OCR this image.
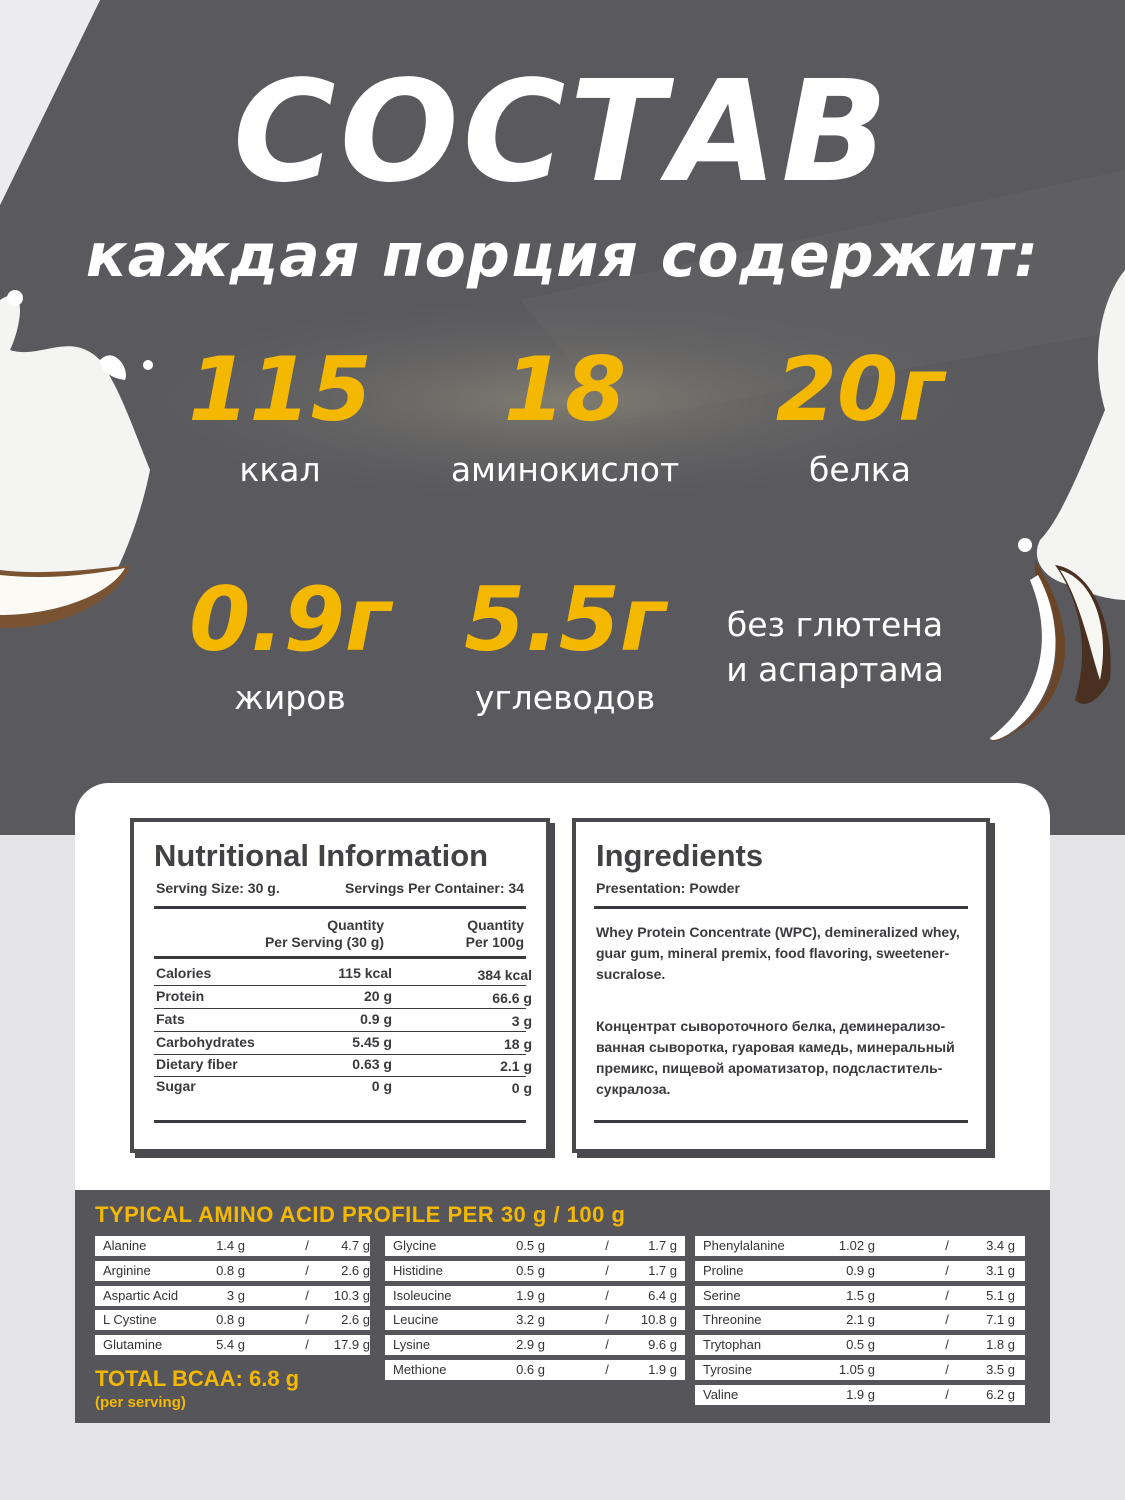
СОСТАВ
каждая порция содержит:
115
ккал
18
аминокислот
20г
белка
0.9г
жиров
5.5г
углеводов
без глютена
и аспартама
Nutritional Information
Serving Size: 30 g.	Servings Per Container: 34
Quantity
Per Serving (30 g)
Quantity
Per 100g
Calories	115 kcal	384 kcal
Protein	20 g	66.6 g
Fats	0.9 g	3 g
Carbohydrates	5.45 g	18 g
Dietary fiber	0.63 g	2.1 g
Sugar	0 g	0 g
Ingredients
Presentation: Powder
Whey Protein Concentrate (WPC), demineralized whey,
guar gum, mineral premix, food flavoring, sweetener-
sucralose.
Концентрат сывороточного белка, деминерализо-
ванная сыворотка, гуаровая камедь, минеральный
премикс, пищевой ароматизатор, подсластитель-
сукралоза.
TYPICAL AMINO ACID PROFILE PER 30 g / 100 g
Alanine	1.4 g	/	4.7 g
Arginine	0.8 g	/	2.6 g
Aspartic Acid	3 g	/	10.3 g
L Cystine	0.8 g	/	2.6 g
Glutamine	5.4 g	/	17.9 g
Glycine	0.5 g	/	1.7 g
Histidine	0.5 g	/	1.7 g
Isoleucine	1.9 g	/	6.4 g
Leucine	3.2 g	/	10.8 g
Lysine	2.9 g	/	9.6 g
Methione	0.6 g	/	1.9 g
Phenylalanine	1.02 g	/	3.4 g
Proline	0.9 g	/	3.1 g
Serine	1.5 g	/	5.1 g
Threonine	2.1 g	/	7.1 g
Trytophan	0.5 g	/	1.8 g
Tyrosine	1.05 g	/	3.5 g
Valine	1.9 g	/	6.2 g
TOTAL BCAA: 6.8 g
(per serving)
